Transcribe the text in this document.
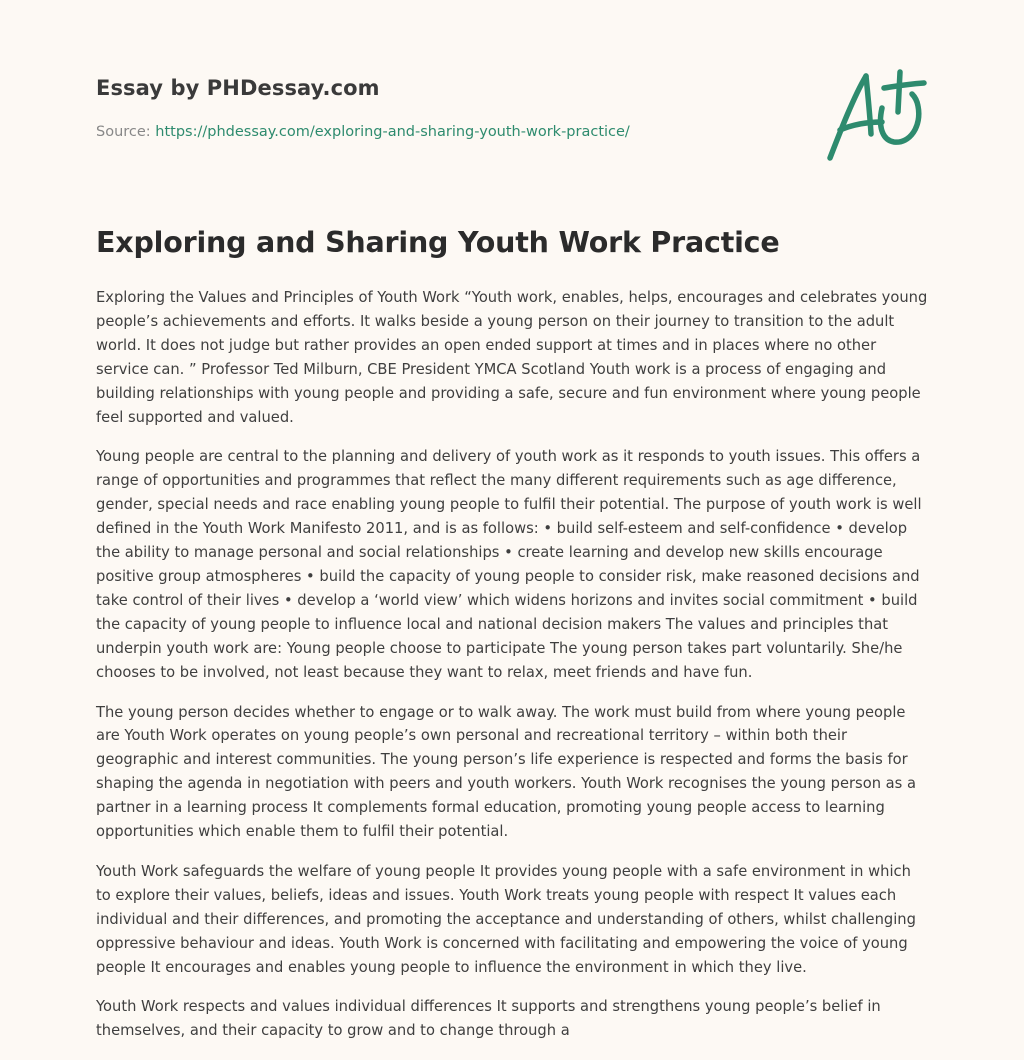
Essay by PHDessay.com
Source: https://phdessay.com/exploring-and-sharing-youth-work-practice/
Exploring and Sharing Youth Work Practice

Exploring the Values and Principles of Youth Work “Youth work, enables, helps, encourages and celebrates young people’s achievements and efforts. It walks beside a young person on their journey to transition to the adult world. It does not judge but rather provides an open ended support at times and in places where no other service can. ” Professor Ted Milburn, CBE President YMCA Scotland Youth work is a process of engaging and building relationships with young people and providing a safe, secure and fun environment where young people feel supported and valued.

Young people are central to the planning and delivery of youth work as it responds to youth issues. This offers a range of opportunities and programmes that reflect the many different requirements such as age difference, gender, special needs and race enabling young people to fulfil their potential. The purpose of youth work is well defined in the Youth Work Manifesto 2011, and is as follows: • build self-esteem and self-confidence • develop the ability to manage personal and social relationships • create learning and develop new skills encourage positive group atmospheres • build the capacity of young people to consider risk, make reasoned decisions and take control of their lives • develop a ‘world view’ which widens horizons and invites social commitment • build the capacity of young people to influence local and national decision makers The values and principles that underpin youth work are: Young people choose to participate The young person takes part voluntarily. She/he chooses to be involved, not least because they want to relax, meet friends and have fun.

The young person decides whether to engage or to walk away. The work must build from where young people are Youth Work operates on young people’s own personal and recreational territory – within both their geographic and interest communities. The young person’s life experience is respected and forms the basis for shaping the agenda in negotiation with peers and youth workers. Youth Work recognises the young person as a partner in a learning process It complements formal education, promoting young people access to learning opportunities which enable them to fulfil their potential.

Youth Work safeguards the welfare of young people It provides young people with a safe environment in which to explore their values, beliefs, ideas and issues. Youth Work treats young people with respect It values each individual and their differences, and promoting the acceptance and understanding of others, whilst challenging oppressive behaviour and ideas. Youth Work is concerned with facilitating and empowering the voice of young people It encourages and enables young people to influence the environment in which they live.

Youth Work respects and values individual differences It supports and strengthens young people’s belief in themselves, and their capacity to grow and to change through a
